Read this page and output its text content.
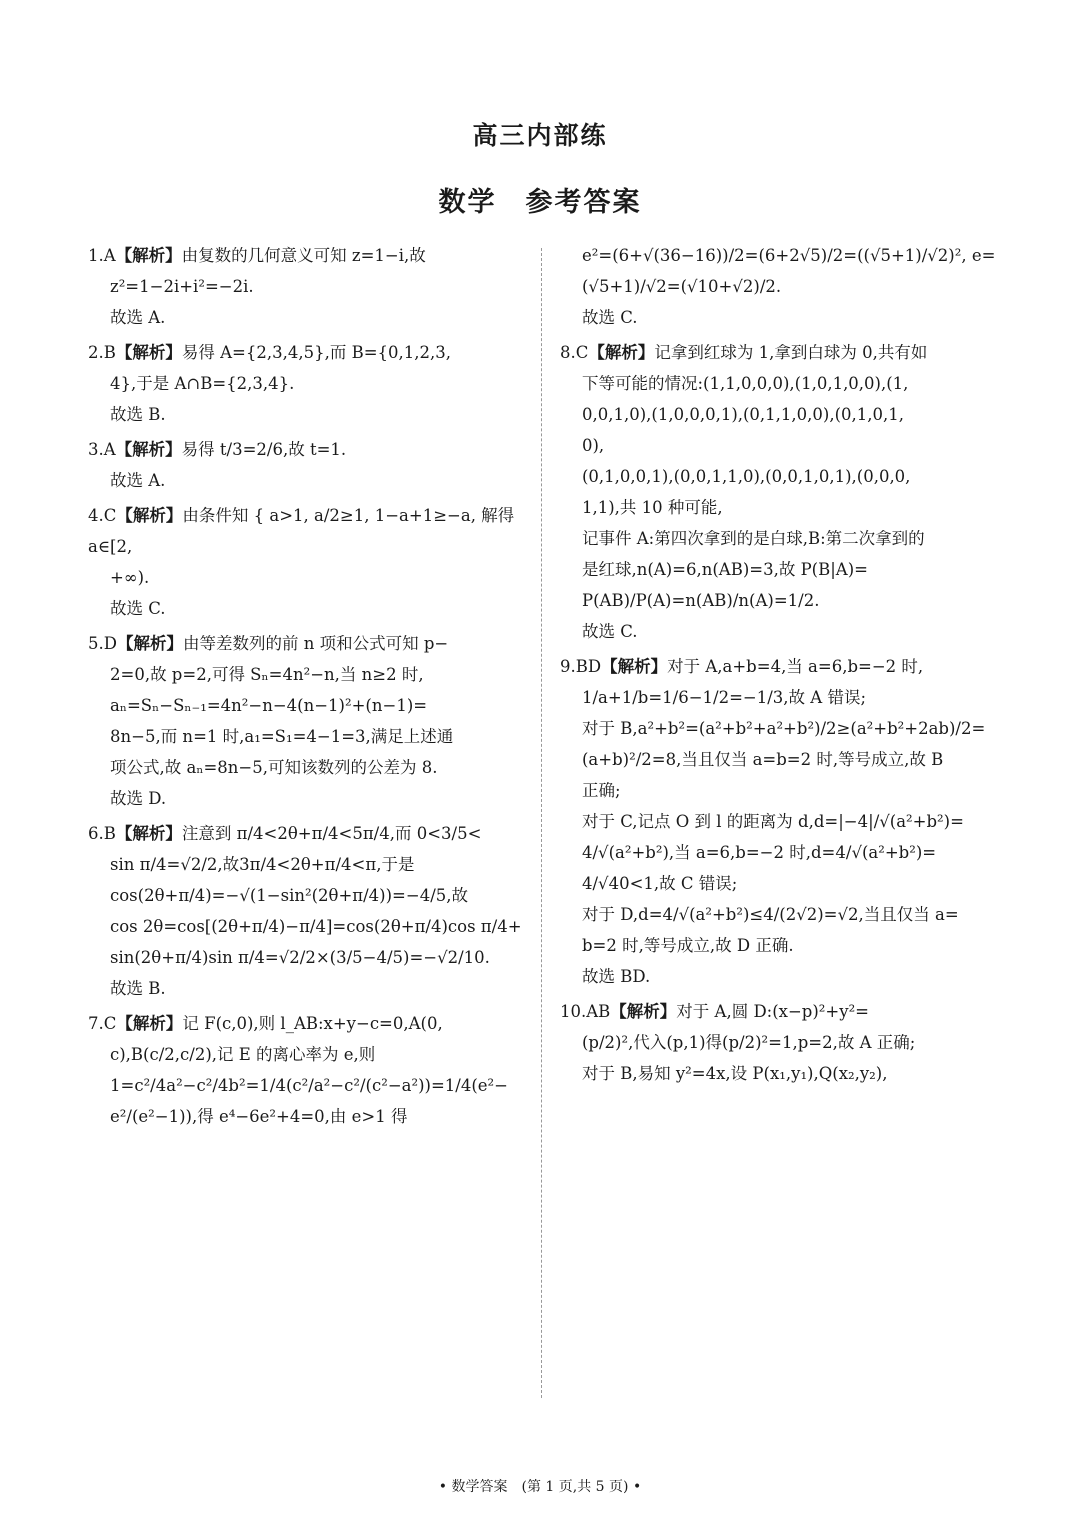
高三内部练
数学　参考答案
1.A【解析】由复数的几何意义可知 z=1−i,故
z²=1−2i+i²=−2i.
故选 A.
2.B【解析】易得 A={2,3,4,5},而 B={0,1,2,3,
4},于是 A∩B={2,3,4}.
故选 B.
3.A【解析】易得 t/3=2/6,故 t=1.
故选 A.
4.C【解析】由条件知 { a>1, a/2≥1, 1−a+1≥−a, 解得 a∈[2,
+∞).
故选 C.
5.D【解析】由等差数列的前 n 项和公式可知 p−
2=0,故 p=2,可得 Sₙ=4n²−n,当 n≥2 时,
aₙ=Sₙ−Sₙ₋₁=4n²−n−4(n−1)²+(n−1)=
8n−5,而 n=1 时,a₁=S₁=4−1=3,满足上述通
项公式,故 aₙ=8n−5,可知该数列的公差为 8.
故选 D.
6.B【解析】注意到 π/4<2θ+π/4<5π/4,而 0<3/5<
sin π/4=√2/2,故3π/4<2θ+π/4<π,于是
cos(2θ+π/4)=−√(1−sin²(2θ+π/4))=−4/5,故
cos 2θ=cos[(2θ+π/4)−π/4]=cos(2θ+π/4)cos π/4+
sin(2θ+π/4)sin π/4=√2/2×(3/5−4/5)=−√2/10.
故选 B.
7.C【解析】记 F(c,0),则 l_AB:x+y−c=0,A(0,
c),B(c/2,c/2),记 E 的离心率为 e,则
1=c²/4a²−c²/4b²=1/4(c²/a²−c²/(c²−a²))=1/4(e²−
e²/(e²−1)),得 e⁴−6e²+4=0,由 e>1 得
e²=(6+√(36−16))/2=(6+2√5)/2=((√5+1)/√2)², e=
(√5+1)/√2=(√10+√2)/2.
故选 C.
8.C【解析】记拿到红球为 1,拿到白球为 0,共有如
下等可能的情况:(1,1,0,0,0),(1,0,1,0,0),(1,
0,0,1,0),(1,0,0,0,1),(0,1,1,0,0),(0,1,0,1,
0),
(0,1,0,0,1),(0,0,1,1,0),(0,0,1,0,1),(0,0,0,
1,1),共 10 种可能,
记事件 A:第四次拿到的是白球,B:第二次拿到的
是红球,n(A)=6,n(AB)=3,故 P(B|A)=
P(AB)/P(A)=n(AB)/n(A)=1/2.
故选 C.
9.BD【解析】对于 A,a+b=4,当 a=6,b=−2 时,
1/a+1/b=1/6−1/2=−1/3,故 A 错误;
对于 B,a²+b²=(a²+b²+a²+b²)/2≥(a²+b²+2ab)/2=
(a+b)²/2=8,当且仅当 a=b=2 时,等号成立,故 B
正确;
对于 C,记点 O 到 l 的距离为 d,d=|−4|/√(a²+b²)=
4/√(a²+b²),当 a=6,b=−2 时,d=4/√(a²+b²)=
4/√40<1,故 C 错误;
对于 D,d=4/√(a²+b²)≤4/(2√2)=√2,当且仅当 a=
b=2 时,等号成立,故 D 正确.
故选 BD.
10.AB【解析】对于 A,圆 D:(x−p)²+y²=
(p/2)²,代入(p,1)得(p/2)²=1,p=2,故 A 正确;
对于 B,易知 y²=4x,设 P(x₁,y₁),Q(x₂,y₂),
• 数学答案　(第 1 页,共 5 页) •
